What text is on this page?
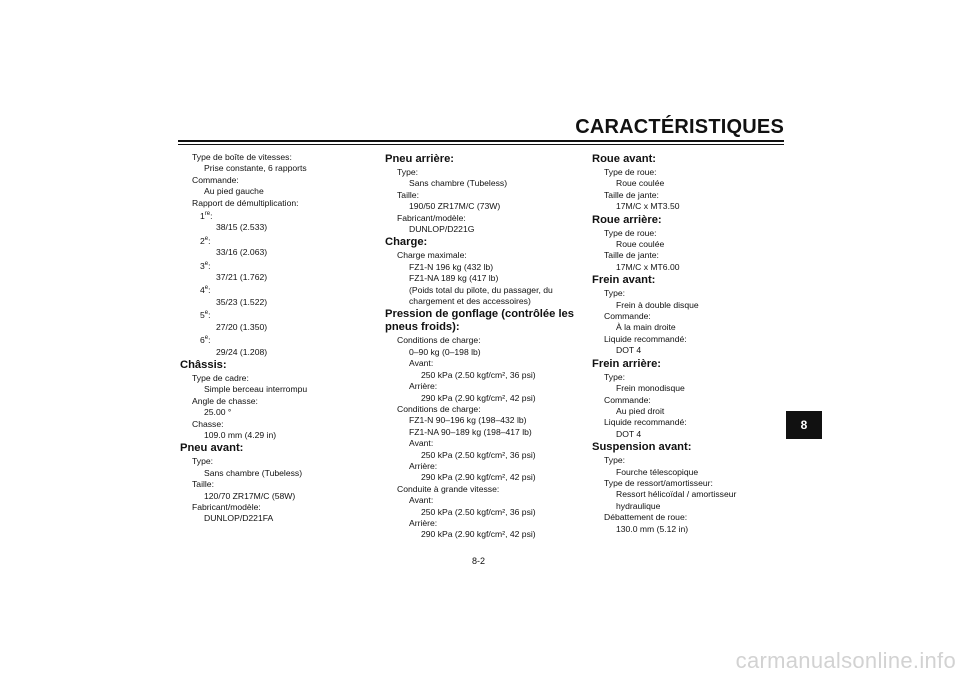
CARACTÉRISTIQUES
Type de boîte de vitesses:
Prise constante, 6 rapports
Commande:
Au pied gauche
Rapport de démultiplication:
1re:
38/15 (2.533)
2e:
33/16 (2.063)
3e:
37/21 (1.762)
4e:
35/23 (1.522)
5e:
27/20 (1.350)
6e:
29/24 (1.208)
Châssis:
Type de cadre:
Simple berceau interrompu
Angle de chasse:
25.00 °
Chasse:
109.0 mm (4.29 in)
Pneu avant:
Type:
Sans chambre (Tubeless)
Taille:
120/70 ZR17M/C (58W)
Fabricant/modèle:
DUNLOP/D221FA
Pneu arrière:
Type:
Sans chambre (Tubeless)
Taille:
190/50 ZR17M/C (73W)
Fabricant/modèle:
DUNLOP/D221G
Charge:
Charge maximale:
FZ1-N 196 kg (432 lb)
FZ1-NA 189 kg (417 lb)
(Poids total du pilote, du passager, du
chargement et des accessoires)
Pression de gonflage (contrôlée les
pneus froids):
Conditions de charge:
0–90 kg (0–198 lb)
Avant:
250 kPa (2.50 kgf/cm², 36 psi)
Arrière:
290 kPa (2.90 kgf/cm², 42 psi)
Conditions de charge:
FZ1-N 90–196 kg (198–432 lb)
FZ1-NA 90–189 kg (198–417 lb)
Avant:
250 kPa (2.50 kgf/cm², 36 psi)
Arrière:
290 kPa (2.90 kgf/cm², 42 psi)
Conduite à grande vitesse:
Avant:
250 kPa (2.50 kgf/cm², 36 psi)
Arrière:
290 kPa (2.90 kgf/cm², 42 psi)
Roue avant:
Type de roue:
Roue coulée
Taille de jante:
17M/C x MT3.50
Roue arrière:
Type de roue:
Roue coulée
Taille de jante:
17M/C x MT6.00
Frein avant:
Type:
Frein à double disque
Commande:
À la main droite
Liquide recommandé:
DOT 4
Frein arrière:
Type:
Frein monodisque
Commande:
Au pied droit
Liquide recommandé:
DOT 4
Suspension avant:
Type:
Fourche télescopique
Type de ressort/amortisseur:
Ressort hélicoïdal / amortisseur
hydraulique
Débattement de roue:
130.0 mm (5.12 in)
8-2
8
carmanualsonline.info
